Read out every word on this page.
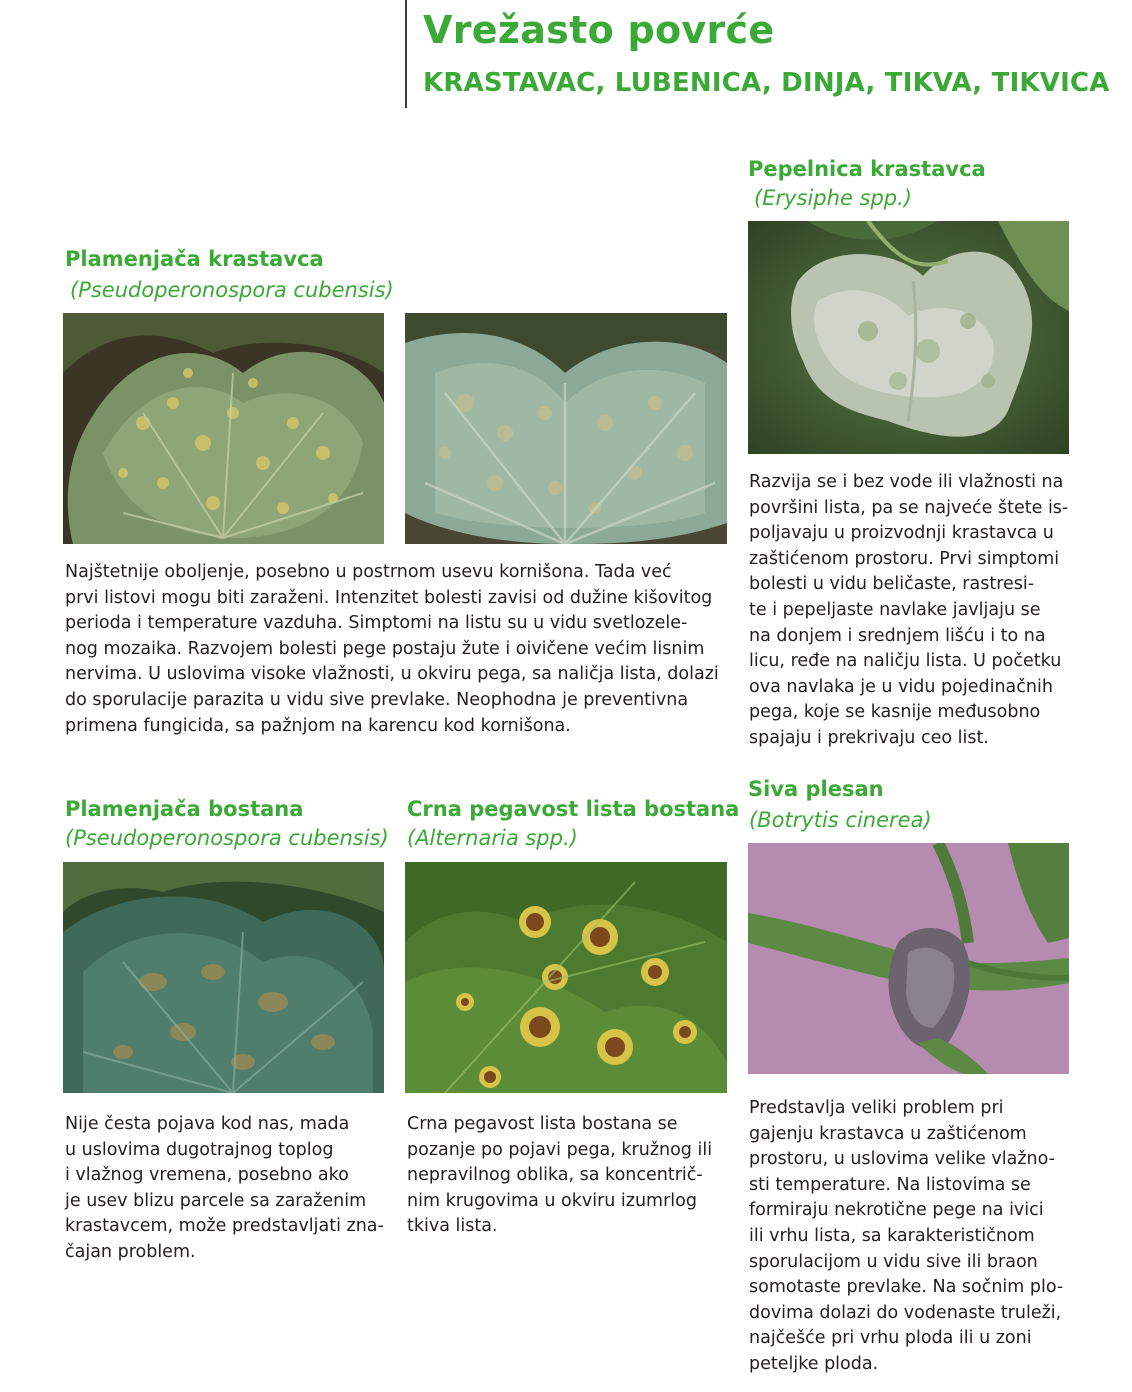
Vrežasto povrće
KRASTAVAC, LUBENICA, DINJA, TIKVA, TIKVICA
Pepelnica krastavca

(Erysiphe spp.)

Razvija se i bez vode ili vlažnosti na
površini lista, pa se najveće štete is-
poljavaju u proizvodnji krastavca u
zaštićenom prostoru. Prvi simptomi
bolesti u vidu beličaste, rastresi-
te i pepeljaste navlake javljaju se
na donjem i srednjem lišću i to na
licu, ređe na naličju lista. U početku
ova navlaka je u vidu pojedinačnih
pega, koje se kasnije međusobno
spajaju i prekrivaju ceo list.

Plamenjača krastavca

(Pseudoperonospora cubensis)

Najštetnije oboljenje, posebno u postrnom usevu kornišona. Tada već
prvi listovi mogu biti zaraženi. Intenzitet bolesti zavisi od dužine kišovitog
perioda i temperature vazduha. Simptomi na listu su u vidu svetlozele-
nog mozaika. Razvojem bolesti pege postaju žute i oivičene većim lisnim
nervima. U uslovima visoke vlažnosti, u okviru pega, sa naličja lista, dolazi
do sporulacije parazita u vidu sive prevlake. Neophodna je preventivna
primena fungicida, sa pažnjom na karencu kod kornišona.

Plamenjača bostana

(Pseudoperonospora cubensis)

Nije česta pojava kod nas, mada
u uslovima dugotrajnog toplog
i vlažnog vremena, posebno ako
je usev blizu parcele sa zaraženim
krastavcem, može predstavljati zna-
čajan problem.

Crna pegavost lista bostana

(Alternaria spp.)

Crna pegavost lista bostana se
pozanje po pojavi pega, kružnog ili
nepravilnog oblika, sa koncentrič-
nim krugovima u okviru izumrlog
tkiva lista.

Siva plesan

(Botrytis cinerea)

Predstavlja veliki problem pri
gajenju krastavca u zaštićenom
prostoru, u uslovima velike vlažno-
sti temperature. Na listovima se
formiraju nekrotične pege na ivici
ili vrhu lista, sa karakterističnom
sporulacijom u vidu sive ili braon
somotaste prevlake. Na sočnim plo-
dovima dolazi do vodenaste truleži,
najčešće pri vrhu ploda ili u zoni
peteljke ploda.
